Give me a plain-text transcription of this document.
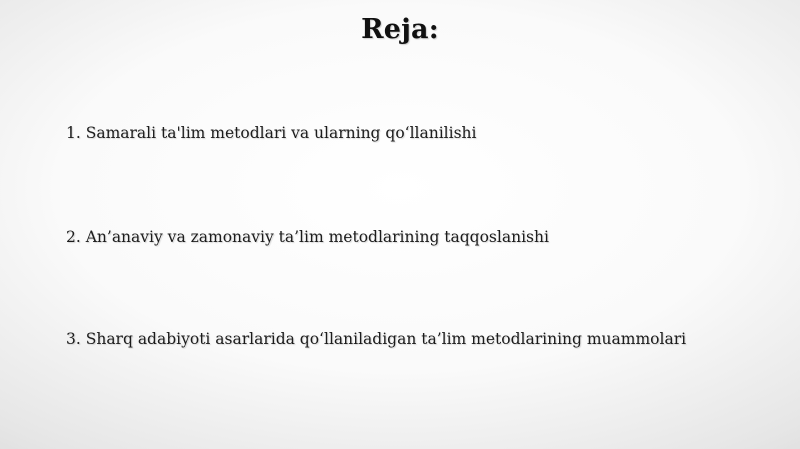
Reja:
1. Samarali ta'lim metodlari va ularning qo‘llanilishi
2. An’anaviy va zamonaviy ta’lim metodlarining taqqoslanishi
3. Sharq adabiyoti asarlarida qo‘llaniladigan ta’lim metodlarining muammolari
